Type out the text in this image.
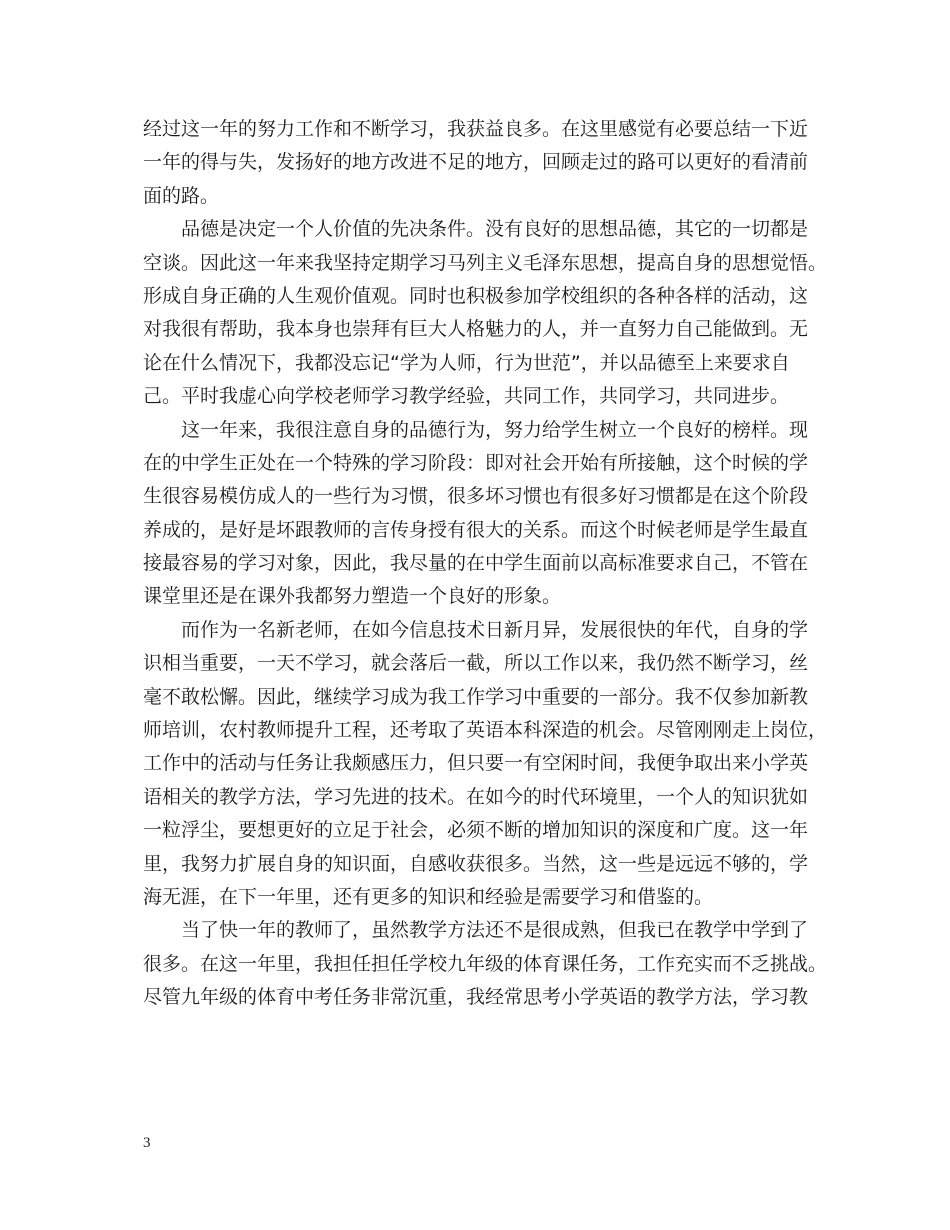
经过这一年的努力工作和不断学习，我获益良多。在这里感觉有必要总结一下近

一年的得与失，发扬好的地方改进不足的地方，回顾走过的路可以更好的看清前

面的路。

品德是决定一个人价值的先决条件。没有良好的思想品德，其它的一切都是

空谈。因此这一年来我坚持定期学习马列主义毛泽东思想，提高自身的思想觉悟。

形成自身正确的人生观价值观。同时也积极参加学校组织的各种各样的活动，这

对我很有帮助，我本身也崇拜有巨大人格魅力的人，并一直努力自己能做到。无

论在什么情况下，我都没忘记“学为人师，行为世范”，并以品德至上来要求自

己。平时我虚心向学校老师学习教学经验，共同工作，共同学习，共同进步。

这一年来，我很注意自身的品德行为，努力给学生树立一个良好的榜样。现

在的中学生正处在一个特殊的学习阶段：即对社会开始有所接触，这个时候的学

生很容易模仿成人的一些行为习惯，很多坏习惯也有很多好习惯都是在这个阶段

养成的，是好是坏跟教师的言传身授有很大的关系。而这个时候老师是学生最直

接最容易的学习对象，因此，我尽量的在中学生面前以高标准要求自己，不管在

课堂里还是在课外我都努力塑造一个良好的形象。

而作为一名新老师，在如今信息技术日新月异，发展很快的年代，自身的学

识相当重要，一天不学习，就会落后一截，所以工作以来，我仍然不断学习，丝

毫不敢松懈。因此，继续学习成为我工作学习中重要的一部分。我不仅参加新教

师培训，农村教师提升工程，还考取了英语本科深造的机会。尽管刚刚走上岗位，

工作中的活动与任务让我颇感压力，但只要一有空闲时间，我便争取出来小学英

语相关的教学方法，学习先进的技术。在如今的时代环境里，一个人的知识犹如

一粒浮尘，要想更好的立足于社会，必须不断的增加知识的深度和广度。这一年

里，我努力扩展自身的知识面，自感收获很多。当然，这一些是远远不够的，学

海无涯，在下一年里，还有更多的知识和经验是需要学习和借鉴的。

当了快一年的教师了，虽然教学方法还不是很成熟，但我已在教学中学到了

很多。在这一年里，我担任担任学校九年级的体育课任务，工作充实而不乏挑战。

尽管九年级的体育中考任务非常沉重，我经常思考小学英语的教学方法，学习教

3
